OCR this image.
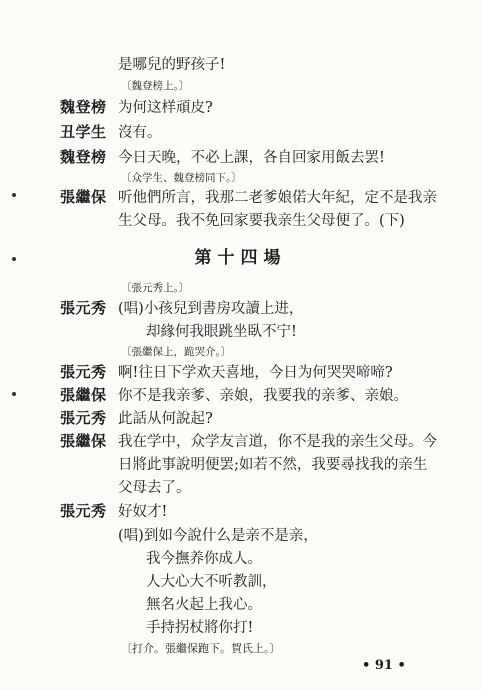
是哪兒的野孩子!
〔魏登榜上。〕
魏登榜 为何这样頑皮?
丑学生 沒有。
魏登榜 今日天晚，不必上課，各自回家用飯去罢!
〔众学生、魏登榜同下。〕
張繼保 听他們所言，我那二老爹娘偌大年紀，定不是我亲
生父母。我不免回家要我亲生父母便了。(下)
第十四場
〔張元秀上。〕
張元秀 (唱)小孩兒到書房攻讀上进，
却緣何我眼跳坐臥不宁!
〔張繼保上，跪哭介。〕
張元秀 啊!往日下学欢天喜地，今日为何哭哭啼啼?
張繼保 你不是我亲爹、亲娘，我要我的亲爹、亲娘。
張元秀 此話从何說起?
張繼保 我在学中，众学友言道，你不是我的亲生父母。今
日將此事說明便罢;如若不然，我要尋找我的亲生
父母去了。
張元秀 好奴才!
(唱)到如今說什么是亲不是亲，
我今撫养你成人。
人大心大不听教訓，
無名火起上我心。
手持拐杖將你打!
〔打介。張繼保跑下。賀氏上。〕
• 91 •
